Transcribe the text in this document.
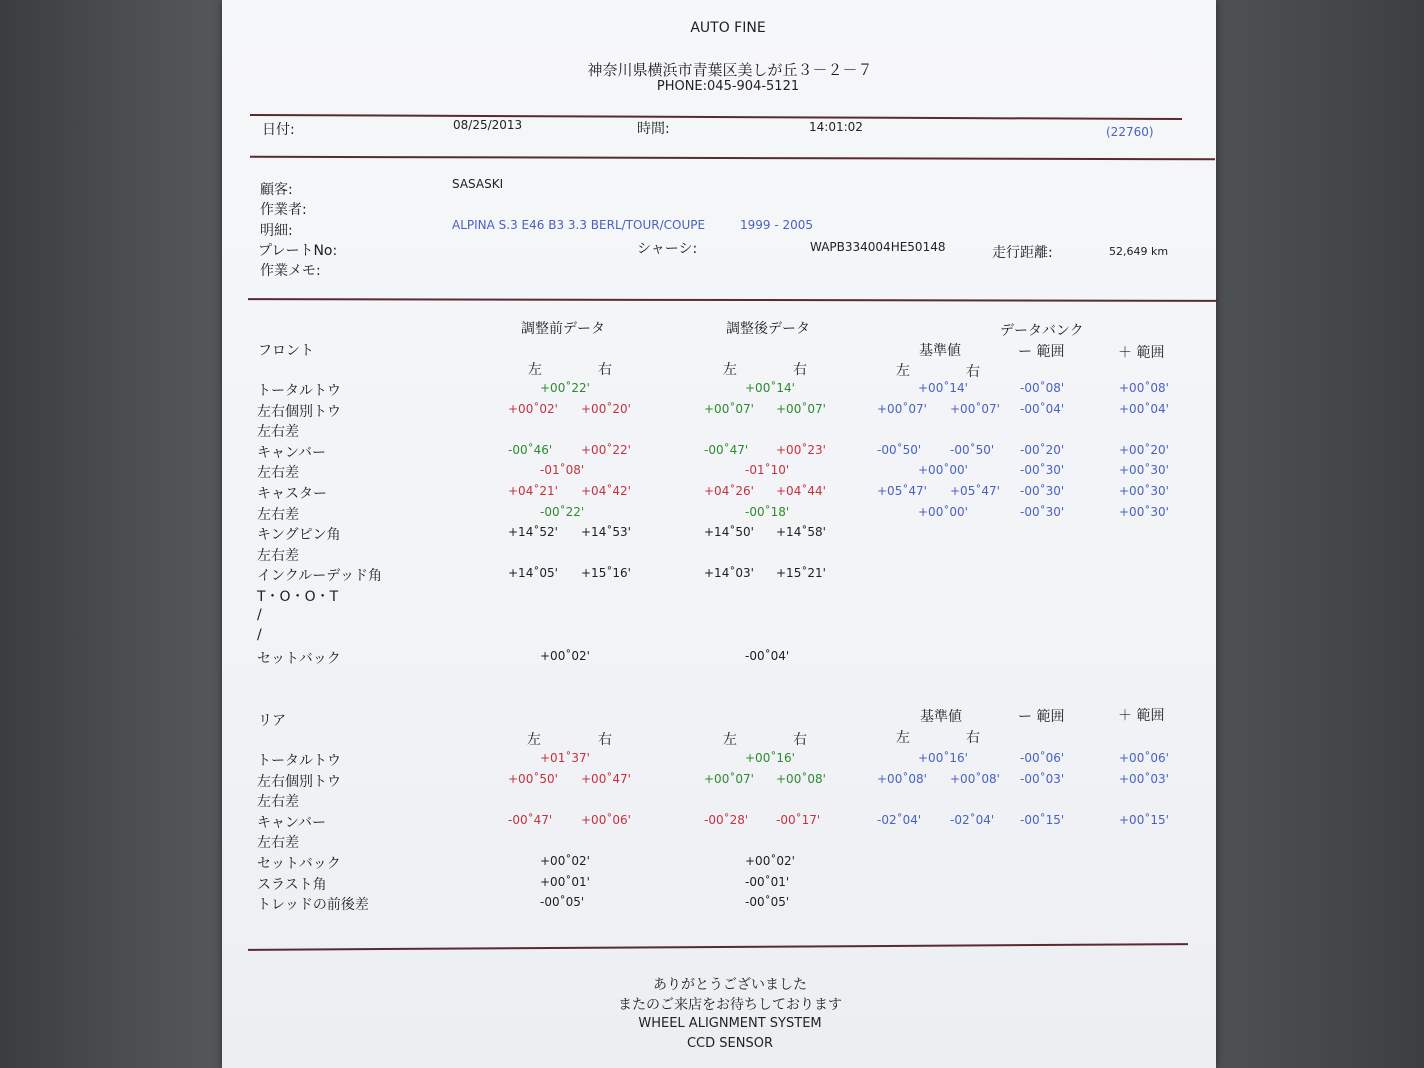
AUTO FINE
神奈川県横浜市青葉区美しが丘３－２－７
PHONE:045-904-5121
日付:	08/25/2013	時間:	14:01:02	(22760)
顧客:	SASASKI
作業者:
明細:	ALPINA S.3 E46 B3 3.3 BERL/TOUR/COUPE	1999 - 2005
プレートNo:	シャーシ:	WAPB334004HE50148	走行距離:	52,649 km
作業メモ:
調整前データ	調整後データ	データバンク
フロント	基準値	ー 範囲	＋ 範囲
左	右	左	右	左	右
トータルトウ	+00˚22'	+00˚14'	+00˚14'	-00˚08'	+00˚08'
左右個別トウ	+00˚02' +00˚20'	+00˚07' +00˚07'	+00˚07' +00˚07' -00˚04'	+00˚04'
左右差
キャンバー	-00˚46' +00˚22'	-00˚47' +00˚23'	-00˚50' -00˚50' -00˚20'	+00˚20'
左右差	-01˚08'	-01˚10'	+00˚00'	-00˚30'	+00˚30'
キャスター	+04˚21' +04˚42'	+04˚26' +04˚44'	+05˚47' +05˚47' -00˚30'	+00˚30'
左右差	-00˚22'	-00˚18'	+00˚00'	-00˚30'	+00˚30'
キングピン角	+14˚52' +14˚53'	+14˚50' +14˚58'
左右差
インクルーデッド角	+14˚05' +15˚16'	+14˚03' +15˚21'
T・O・O・T
/
/
セットバック	+00˚02'	-00˚04'
リア	基準値	ー 範囲	＋ 範囲
左	右	左	右	左	右
トータルトウ	+01˚37'	+00˚16'	+00˚16'	-00˚06'	+00˚06'
左右個別トウ	+00˚50' +00˚47'	+00˚07' +00˚08'	+00˚08' +00˚08' -00˚03'	+00˚03'
左右差
キャンバー	-00˚47' +00˚06'	-00˚28' -00˚17'	-02˚04' -02˚04' -00˚15'	+00˚15'
左右差
セットバック	+00˚02'	+00˚02'
スラスト角	+00˚01'	-00˚01'
トレッドの前後差	-00˚05'	-00˚05'
ありがとうございました
またのご来店をお待ちしております
WHEEL ALIGNMENT SYSTEM
CCD SENSOR
